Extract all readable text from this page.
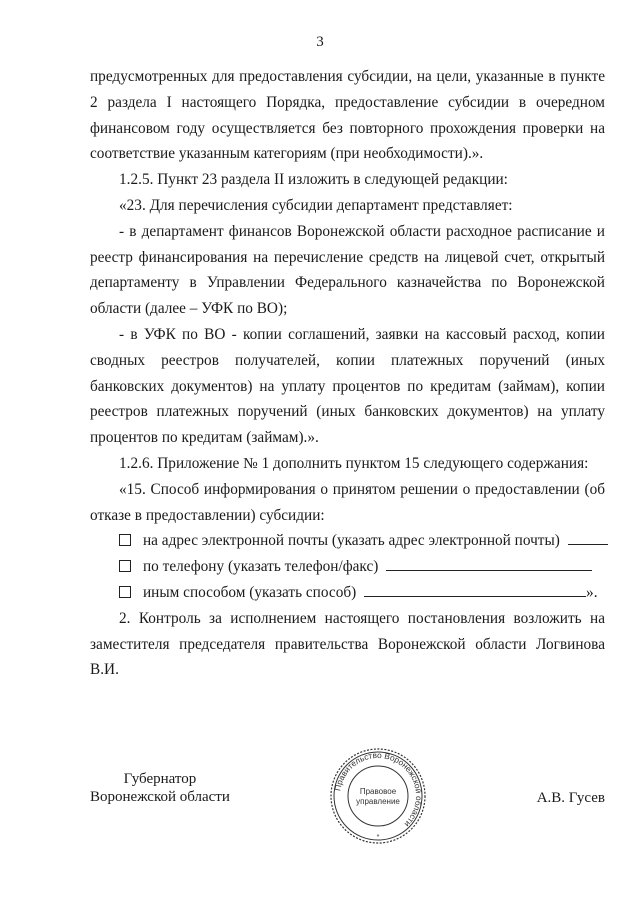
3

предусмотренных для предоставления субсидии, на цели, указанные в пункте 2 раздела I настоящего Порядка, предоставление субсидии в очередном финансовом году осуществляется без повторного прохождения проверки на соответствие указанным категориям (при необходимости).».

1.2.5. Пункт 23 раздела II изложить в следующей редакции:

«23. Для перечисления субсидии департамент представляет:

- в департамент финансов Воронежской области расходное расписание и реестр финансирования на перечисление средств на лицевой счет, открытый департаменту в Управлении Федерального казначейства по Воронежской области (далее – УФК по ВО);

- в УФК по ВО - копии соглашений, заявки на кассовый расход, копии сводных реестров получателей, копии платежных поручений (иных банковских документов) на уплату процентов по кредитам (займам), копии реестров платежных поручений (иных банковских документов) на уплату процентов по кредитам (займам).».

1.2.6. Приложение № 1 дополнить пунктом 15 следующего содержания:

«15. Способ информирования о принятом решении о предоставлении (об отказе в предоставлении) субсидии:

на адрес электронной почты (указать адрес электронной почты)
по телефону (указать телефон/факс)
иным способом (указать способ)	».

2. Контроль за исполнением настоящего постановления возложить на заместителя председателя правительства Воронежской области Логвинова В.И.

Губернатор
Воронежской области
Правительство Воронежской области
Правовое
управление
*
А.В. Гусев
